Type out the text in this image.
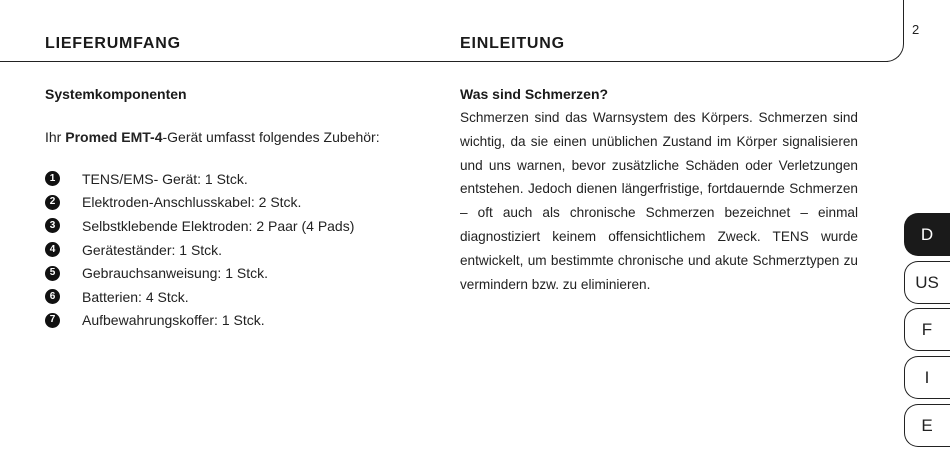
2
LIEFERUMFANG	EINLEITUNG
Systemkomponenten
Ihr Promed EMT-4-Gerät umfasst folgendes Zubehör:
1	TENS/EMS- Gerät: 1 Stck.
2	Elektroden-Anschlusskabel: 2 Stck.
3	Selbstklebende Elektroden: 2 Paar (4 Pads)
4	Geräteständer: 1 Stck.
5	Gebrauchsanweisung: 1 Stck.
6	Batterien: 4 Stck.
7	Aufbewahrungskoffer: 1 Stck.
Was sind Schmerzen?

Schmerzen sind das Warnsystem des Körpers. Schmerzen sind wichtig, da sie einen unüblichen Zustand im Körper signalisieren und uns warnen, bevor zusätzliche Schäden oder Verletzungen entstehen. Jedoch dienen längerfristige, fortdauernde Schmerzen – oft auch als chronische Schmerzen bezeichnet – einmal diagnostiziert keinem offensichtlichem Zweck. TENS wurde entwickelt, um bestimmte chronische und akute Schmerztypen zu vermindern bzw. zu eliminieren.

D
US
F
I
E
